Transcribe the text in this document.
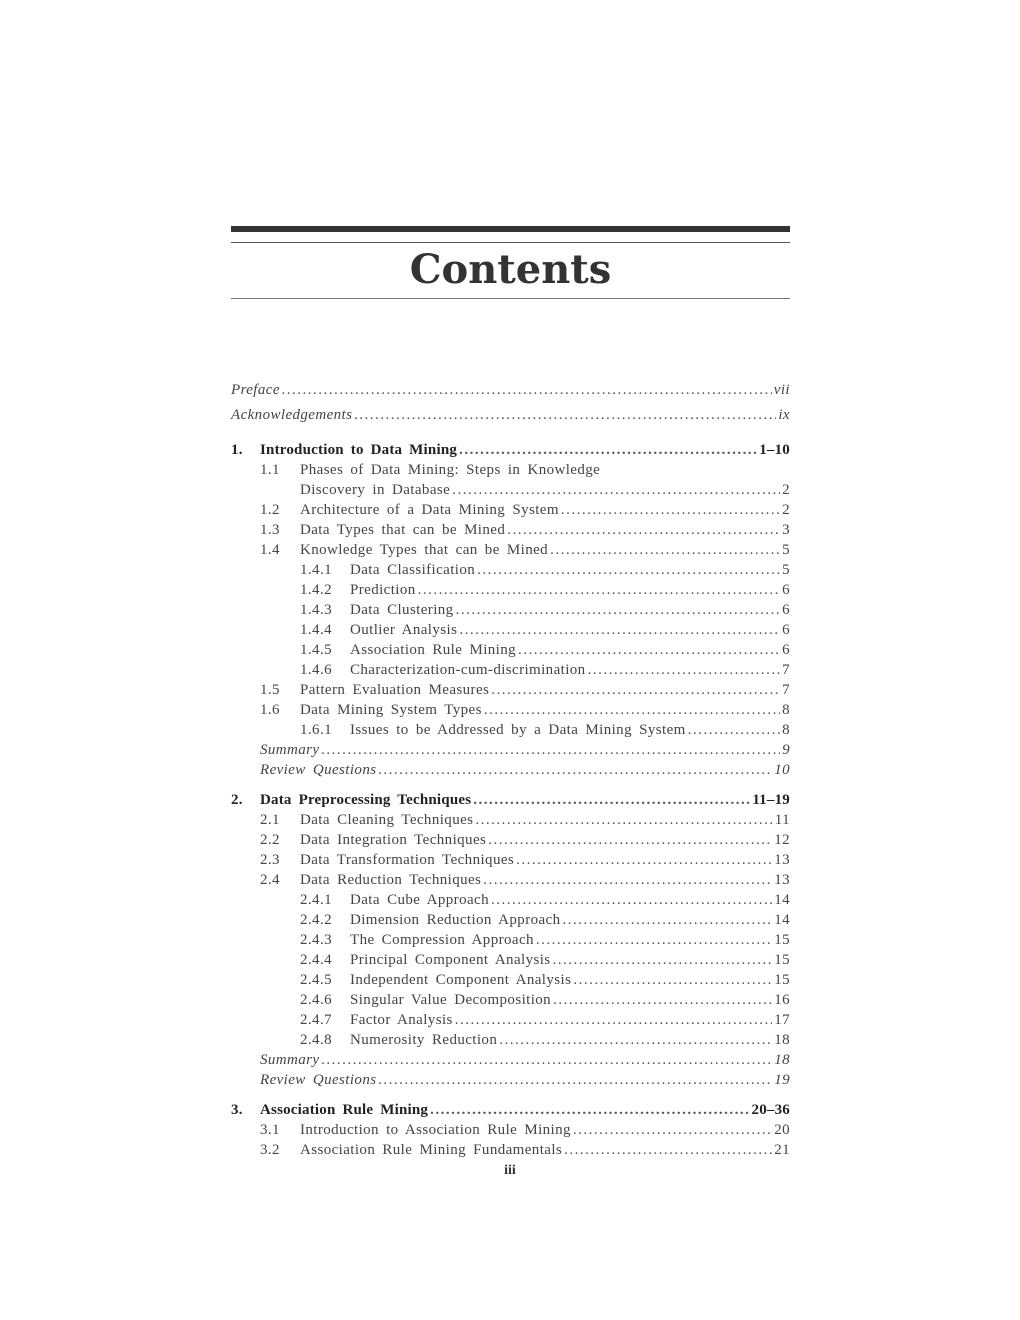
Contents
Preface .....	vii
Acknowledgements .....	ix
1.	Introduction to Data Mining .....	1–10
1.1	Phases of Data Mining: Steps in Knowledge
Discovery in Database .....	2
1.2	Architecture of a Data Mining System .....	2
1.3	Data Types that can be Mined .....	3
1.4	Knowledge Types that can be Mined .....	5
1.4.1	Data Classification .....	5
1.4.2	Prediction .....	6
1.4.3	Data Clustering .....	6
1.4.4	Outlier Analysis .....	6
1.4.5	Association Rule Mining .....	6
1.4.6	Characterization-cum-discrimination .....	7
1.5	Pattern Evaluation Measures .....	7
1.6	Data Mining System Types .....	8
1.6.1	Issues to be Addressed by a Data Mining System .....	8
Summary .....	9
Review Questions .....	10
2.	Data Preprocessing Techniques .....	11–19
2.1	Data Cleaning Techniques .....	11
2.2	Data Integration Techniques .....	12
2.3	Data Transformation Techniques .....	13
2.4	Data Reduction Techniques .....	13
2.4.1	Data Cube Approach .....	14
2.4.2	Dimension Reduction Approach .....	14
2.4.3	The Compression Approach .....	15
2.4.4	Principal Component Analysis .....	15
2.4.5	Independent Component Analysis .....	15
2.4.6	Singular Value Decomposition .....	16
2.4.7	Factor Analysis .....	17
2.4.8	Numerosity Reduction .....	18
Summary .....	18
Review Questions .....	19
3.	Association Rule Mining .....	20–36
3.1	Introduction to Association Rule Mining .....	20
3.2	Association Rule Mining Fundamentals .....	21
iii
